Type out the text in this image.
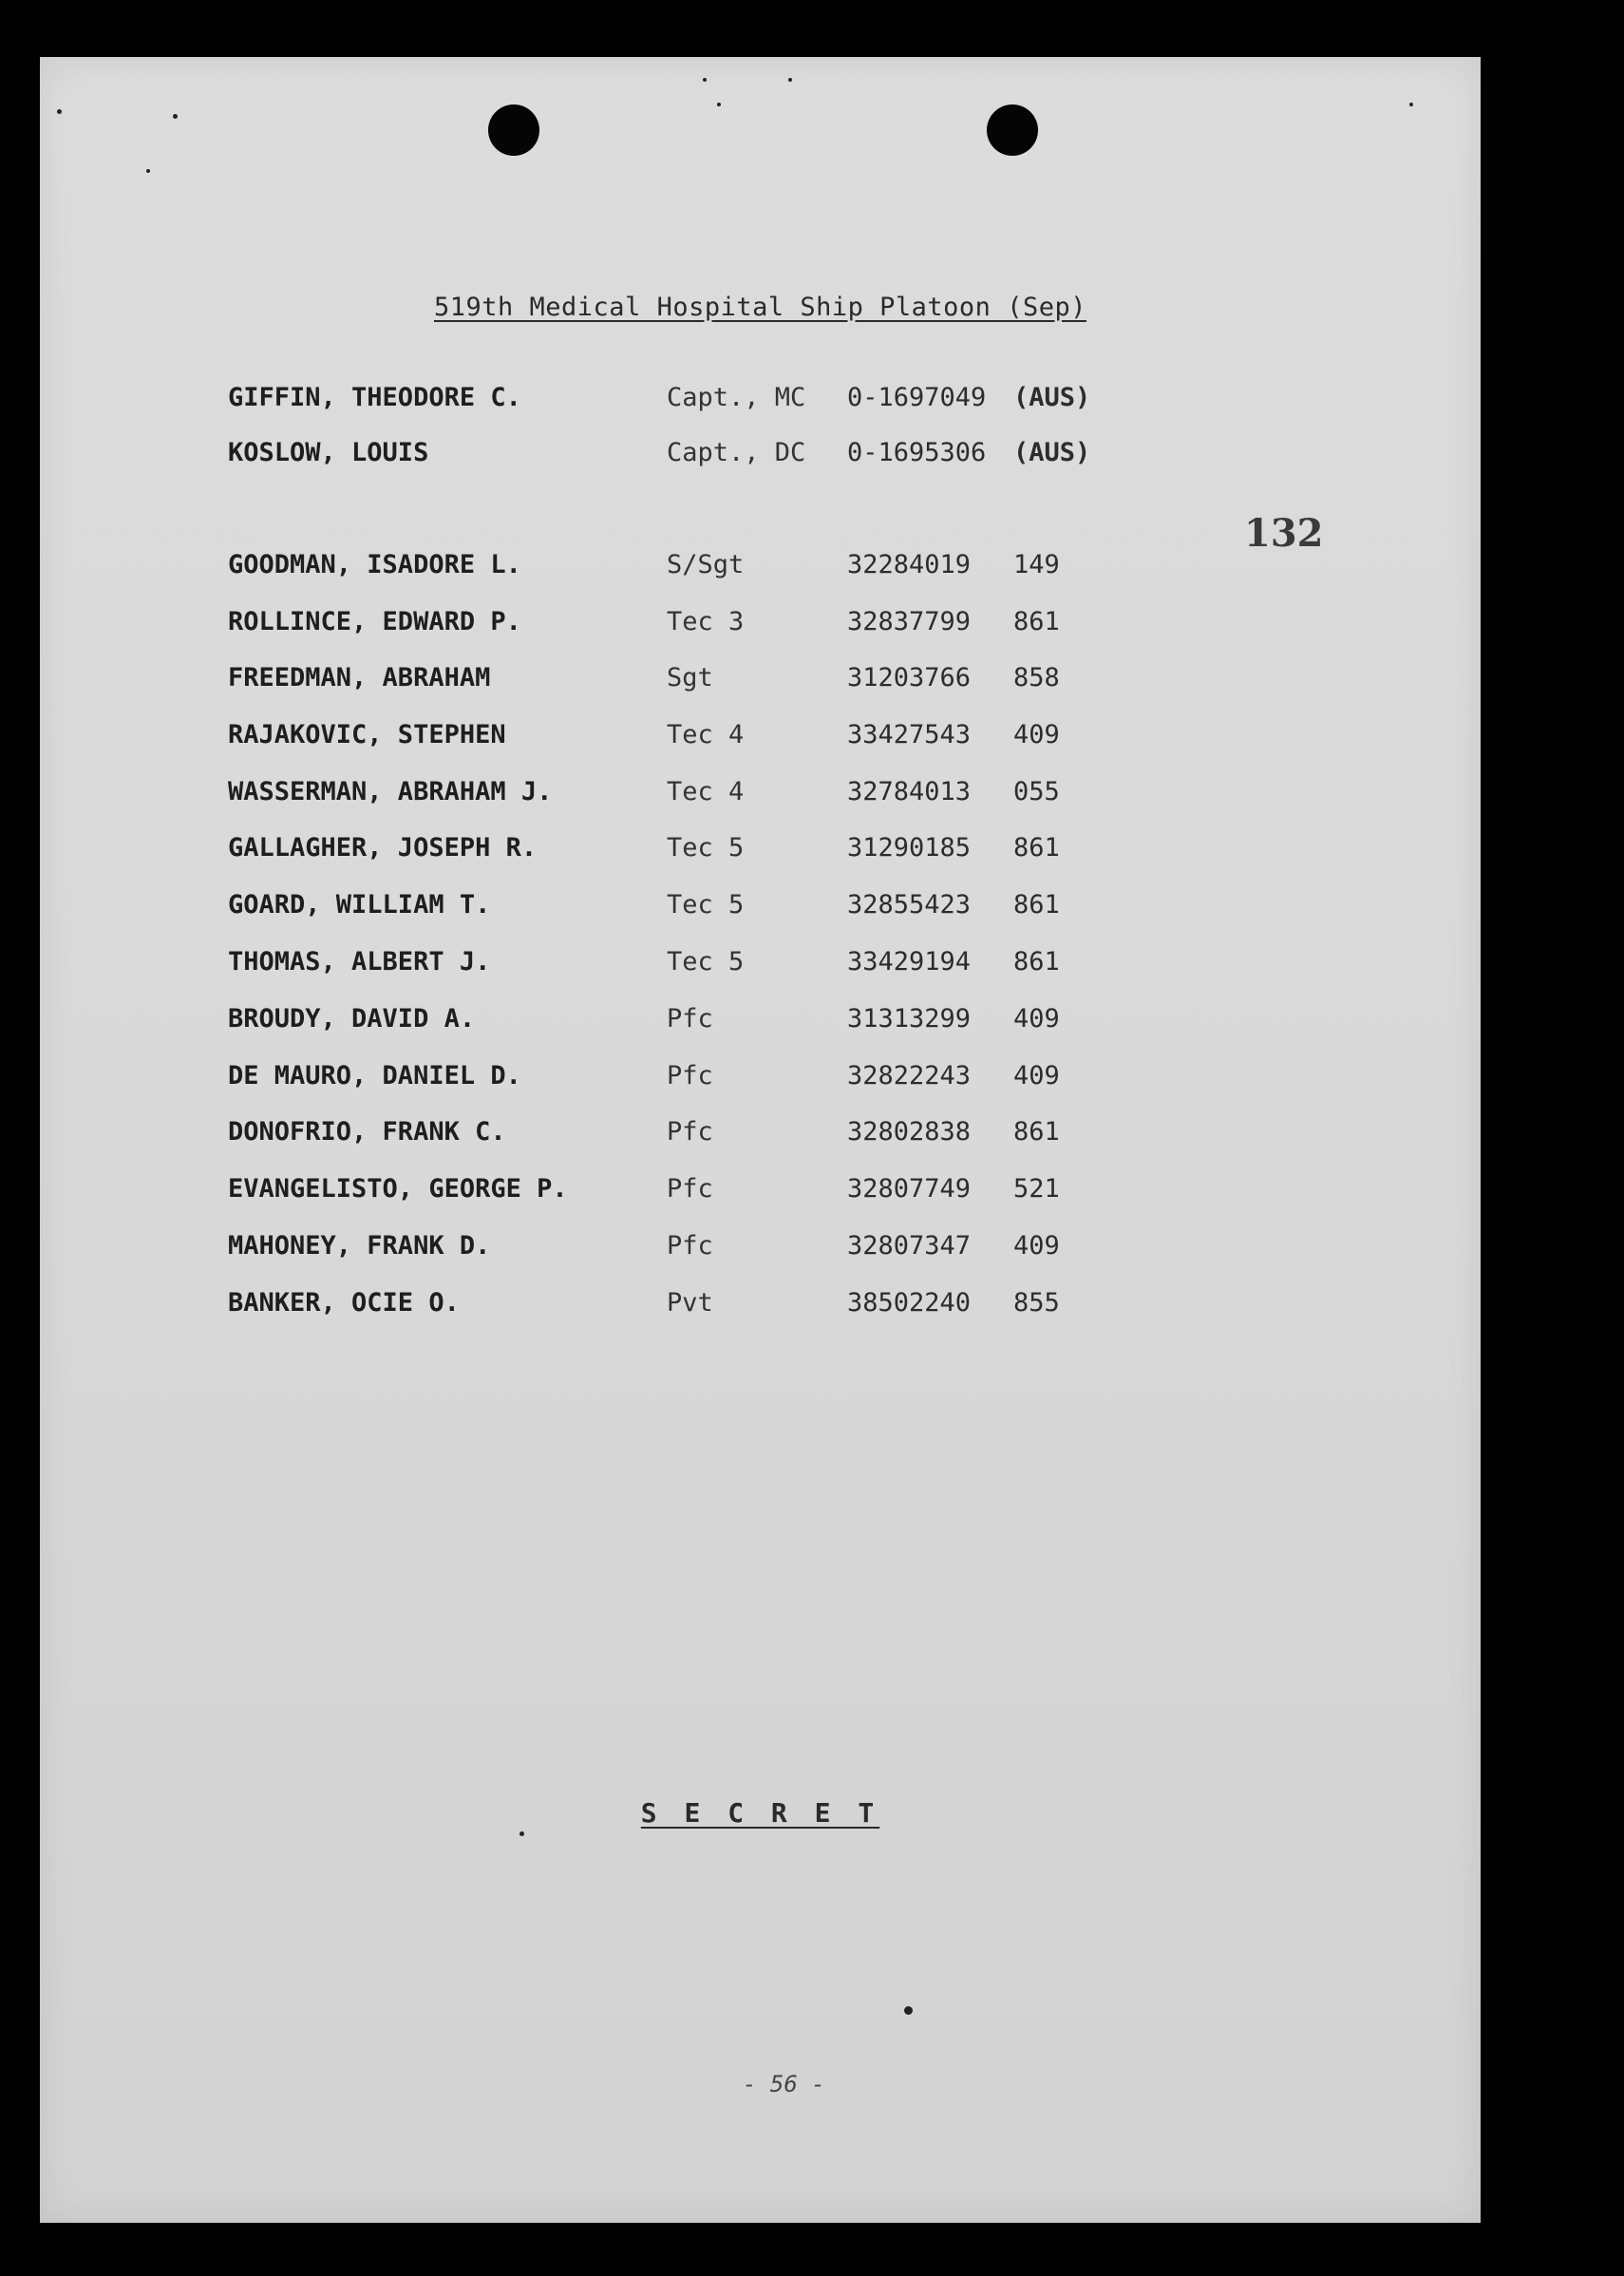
519th Medical Hospital Ship Platoon (Sep)
132
GIFFIN, THEODORE C.	Capt., MC 0-1697049 (AUS)
KOSLOW, LOUIS	Capt., DC 0-1695306 (AUS)
GOODMAN, ISADORE L.	S/Sgt	32284019 149
ROLLINCE, EDWARD P.	Tec 3	32837799 861
FREEDMAN, ABRAHAM	Sgt	31203766 858
RAJAKOVIC, STEPHEN	Tec 4	33427543 409
WASSERMAN, ABRAHAM J.	Tec 4	32784013 055
GALLAGHER, JOSEPH R.	Tec 5	31290185 861
GOARD, WILLIAM T.	Tec 5	32855423 861
THOMAS, ALBERT J.	Tec 5	33429194 861
BROUDY, DAVID A.	Pfc	31313299 409
DE MAURO, DANIEL D.	Pfc	32822243 409
DONOFRIO, FRANK C.	Pfc	32802838 861
EVANGELISTO, GEORGE P.	Pfc	32807749 521
MAHONEY, FRANK D.	Pfc	32807347 409
BANKER, OCIE O.	Pvt	38502240 855
S E C R E T
- 56 -
